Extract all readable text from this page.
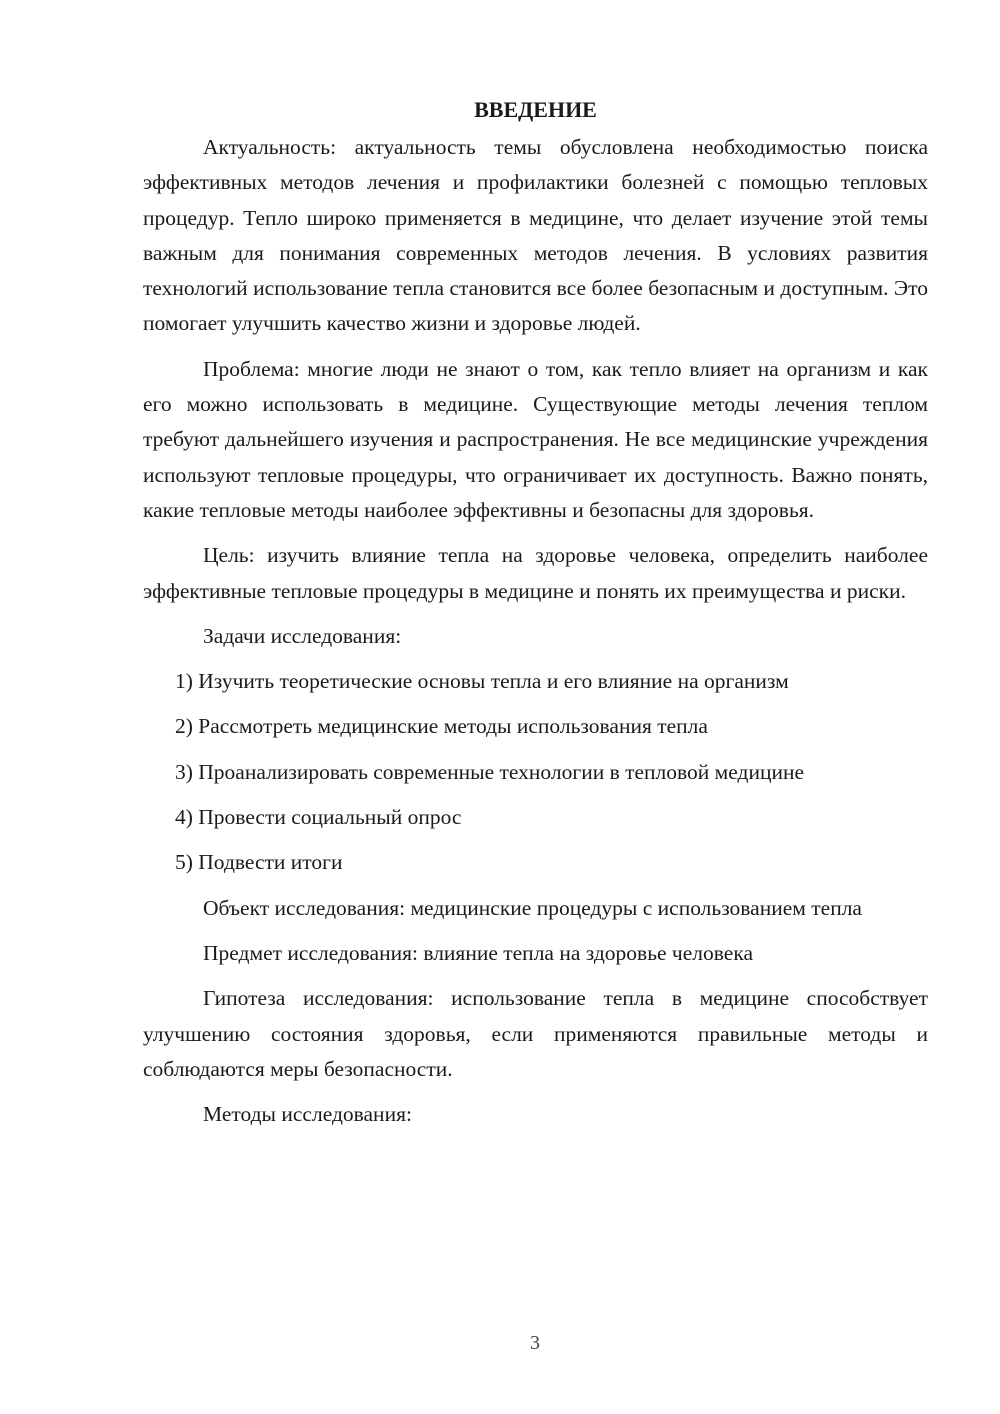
ВВЕДЕНИЕ

Актуальность: актуальность темы обусловлена необходимостью поиска эффективных методов лечения и профилактики болезней с помощью тепловых процедур. Тепло широко применяется в медицине, что делает изучение этой темы важным для понимания современных методов лечения. В условиях развития технологий использование тепла становится все более безопасным и доступным. Это помогает улучшить качество жизни и здоровье людей.

Проблема: многие люди не знают о том, как тепло влияет на организм и как его можно использовать в медицине. Существующие методы лечения теплом требуют дальнейшего изучения и распространения. Не все медицинские учреждения используют тепловые процедуры, что ограничивает их доступность. Важно понять, какие тепловые методы наиболее эффективны и безопасны для здоровья.

Цель: изучить влияние тепла на здоровье человека, определить наиболее эффективные тепловые процедуры в медицине и понять их преимущества и риски.

Задачи исследования:

1) Изучить теоретические основы тепла и его влияние на организм

2) Рассмотреть медицинские методы использования тепла

3) Проанализировать современные технологии в тепловой медицине

4) Провести социальный опрос

5) Подвести итоги

Объект исследования: медицинские процедуры с использованием тепла

Предмет исследования: влияние тепла на здоровье человека

Гипотеза исследования: использование тепла в медицине способствует улучшению состояния здоровья, если применяются правильные методы и соблюдаются меры безопасности.

Методы исследования:

3
